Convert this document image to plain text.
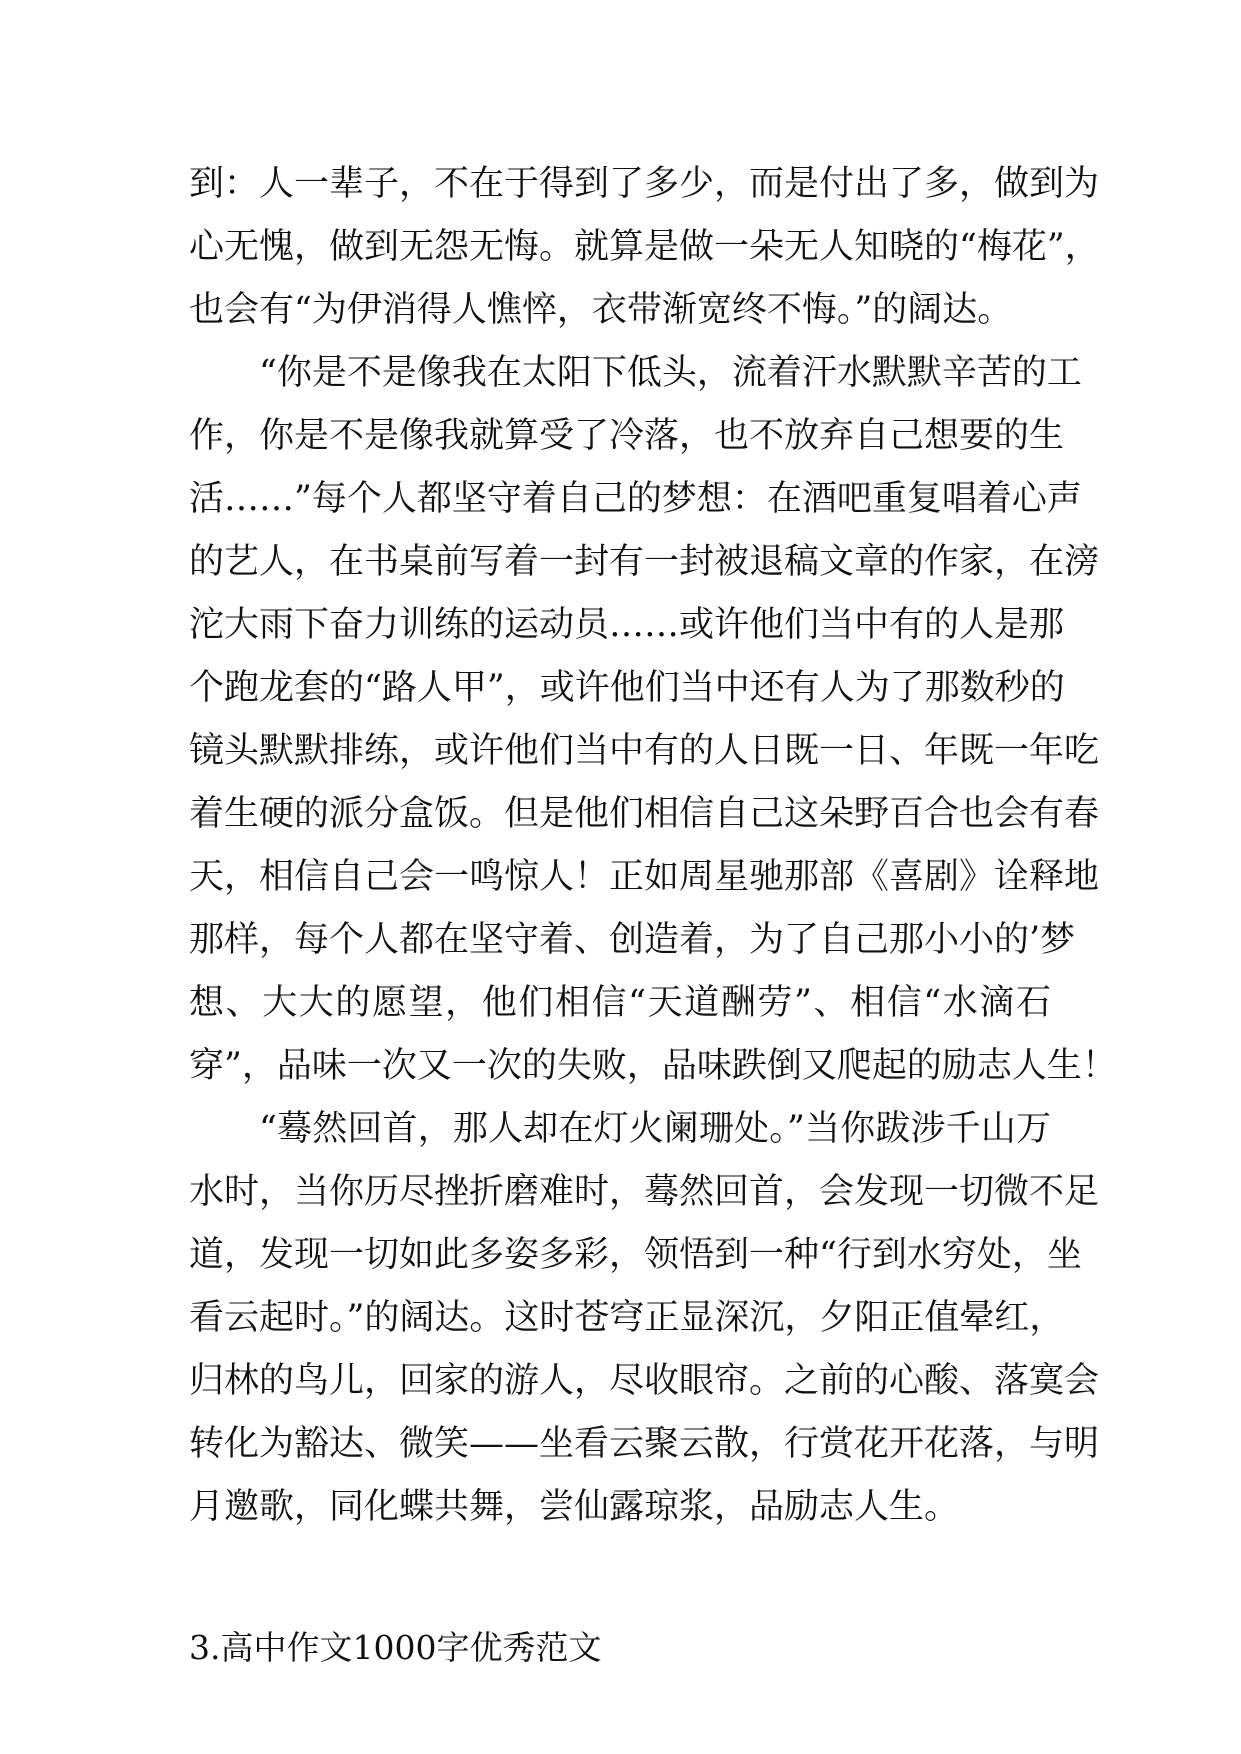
到：人一辈子，不在于得到了多少，而是付出了多，做到为
心无愧，做到无怨无悔。就算是做一朵无人知晓的“梅花”，
也会有“为伊消得人憔悴，衣带渐宽终不悔。”的阔达。
“你是不是像我在太阳下低头，流着汗水默默辛苦的工
作，你是不是像我就算受了冷落，也不放弃自己想要的生
活……”每个人都坚守着自己的梦想：在酒吧重复唱着心声
的艺人，在书桌前写着一封有一封被退稿文章的作家，在滂
沱大雨下奋力训练的运动员……或许他们当中有的人是那
个跑龙套的“路人甲”，或许他们当中还有人为了那数秒的
镜头默默排练，或许他们当中有的人日既一日、年既一年吃
着生硬的派分盒饭。但是他们相信自己这朵野百合也会有春
天，相信自己会一鸣惊人！正如周星驰那部《喜剧》诠释地
那样，每个人都在坚守着、创造着，为了自己那小小的’梦
想、大大的愿望，他们相信“天道酬劳”、相信“水滴石
穿”，品味一次又一次的失败，品味跌倒又爬起的励志人生！
“蓦然回首，那人却在灯火阑珊处。”当你跋涉千山万
水时，当你历尽挫折磨难时，蓦然回首，会发现一切微不足
道，发现一切如此多姿多彩，领悟到一种“行到水穷处，坐
看云起时。”的阔达。这时苍穹正显深沉，夕阳正值晕红，
归林的鸟儿，回家的游人，尽收眼帘。之前的心酸、落寞会
转化为豁达、微笑——坐看云聚云散，行赏花开花落，与明
月邀歌，同化蝶共舞，尝仙露琼浆，品励志人生。
3.高中作文1000字优秀范文
